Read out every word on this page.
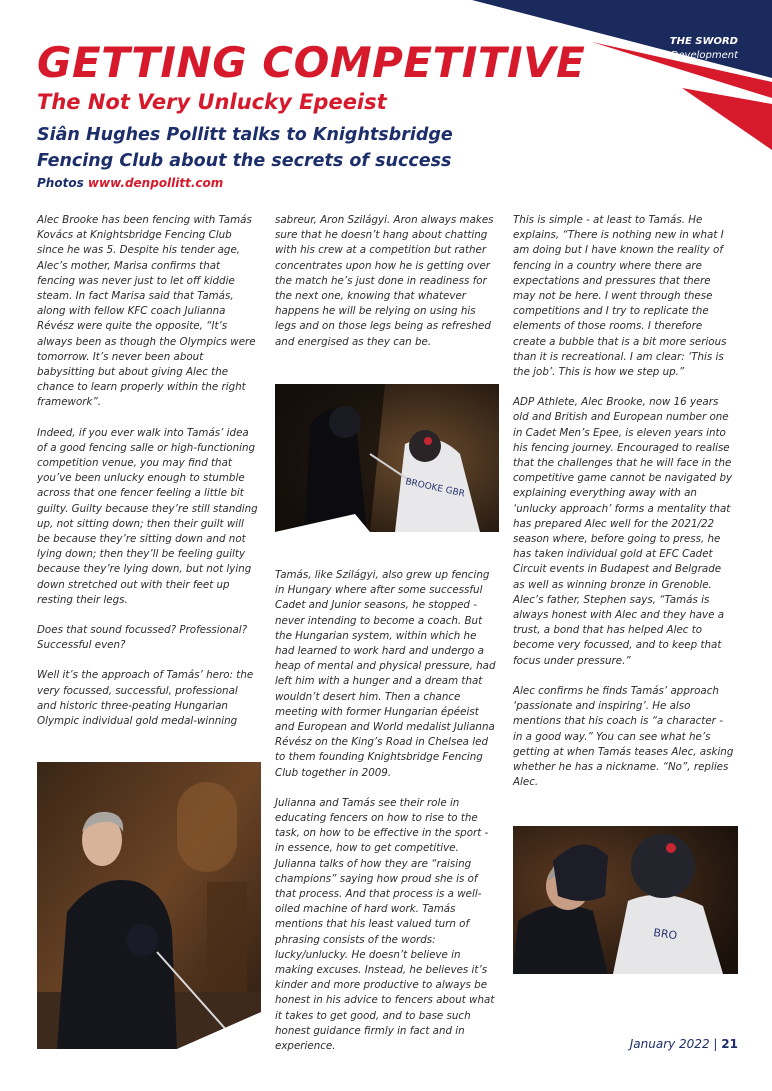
THE SWORD
Development
GETTING COMPETITIVE
The Not Very Unlucky Epeeist

Siân Hughes Pollitt talks to Knightsbridge Fencing Club about the secrets of success

Photos www.denpollitt.com

Alec Brooke has been fencing with Tamás Kovács at Knightsbridge Fencing Club since he was 5. Despite his tender age, Alec’s mother, Marisa confirms that fencing was never just to let off kiddie steam. In fact Marisa said that Tamás, along with fellow KFC coach Julianna Révész were quite the opposite, “It’s always been as though the Olympics were tomorrow. It’s never been about babysitting but about giving Alec the chance to learn properly within the right framework”.

Indeed, if you ever walk into Tamás’ idea of a good fencing salle or high-functioning competition venue, you may find that you’ve been unlucky enough to stumble across that one fencer feeling a little bit guilty. Guilty because they’re still standing up, not sitting down; then their guilt will be because they’re sitting down and not lying down; then they’ll be feeling guilty because they’re lying down, but not lying down stretched out with their feet up resting their legs.

Does that sound focussed? Professional? Successful even?

Well it’s the approach of Tamás’ hero: the very focussed, successful, professional and historic three-peating Hungarian Olympic individual gold medal-winning

sabreur, Aron Szilágyi. Aron always makes sure that he doesn’t hang about chatting with his crew at a competition but rather concentrates upon how he is getting over the match he’s just done in readiness for the next one, knowing that whatever happens he will be relying on using his legs and on those legs being as refreshed and energised as they can be.

Tamás, like Szilágyi, also grew up fencing in Hungary where after some successful Cadet and Junior seasons, he stopped - never intending to become a coach. But the Hungarian system, within which he had learned to work hard and undergo a heap of mental and physical pressure, had left him with a hunger and a dream that wouldn’t desert him. Then a chance meeting with former Hungarian épéeist and European and World medalist Julianna Révész on the King’s Road in Chelsea led to them founding Knightsbridge Fencing Club together in 2009.

Julianna and Tamás see their role in educating fencers on how to rise to the task, on how to be effective in the sport - in essence, how to get competitive. Julianna talks of how they are “raising champions” saying how proud she is of that process. And that process is a well-oiled machine of hard work. Tamás mentions that his least valued turn of phrasing consists of the words: lucky/unlucky. He doesn’t believe in making excuses. Instead, he believes it’s kinder and more productive to always be honest in his advice to fencers about what it takes to get good, and to base such honest guidance firmly in fact and in experience.

This is simple - at least to Tamás. He explains, “There is nothing new in what I am doing but I have known the reality of fencing in a country where there are expectations and pressures that there may not be here. I went through these competitions and I try to replicate the elements of those rooms. I therefore create a bubble that is a bit more serious than it is recreational. I am clear: ‘This is the job’. This is how we step up.”

ADP Athlete, Alec Brooke, now 16 years old and British and European number one in Cadet Men’s Epee, is eleven years into his fencing journey. Encouraged to realise that the challenges that he will face in the competitive game cannot be navigated by explaining everything away with an ‘unlucky approach’ forms a mentality that has prepared Alec well for the 2021/22 season where, before going to press, he has taken individual gold at EFC Cadet Circuit events in Budapest and Belgrade as well as winning bronze in Grenoble. Alec’s father, Stephen says, “Tamás is always honest with Alec and they have a trust, a bond that has helped Alec to become very focussed, and to keep that focus under pressure.”

Alec confirms he finds Tamás’ approach ‘passionate and inspiring’. He also mentions that his coach is “a character - in a good way.” You can see what he’s getting at when Tamás teases Alec, asking whether he has a nickname. “No”, replies Alec.

BROOKE GBR
BRO
January 2022 | 21
